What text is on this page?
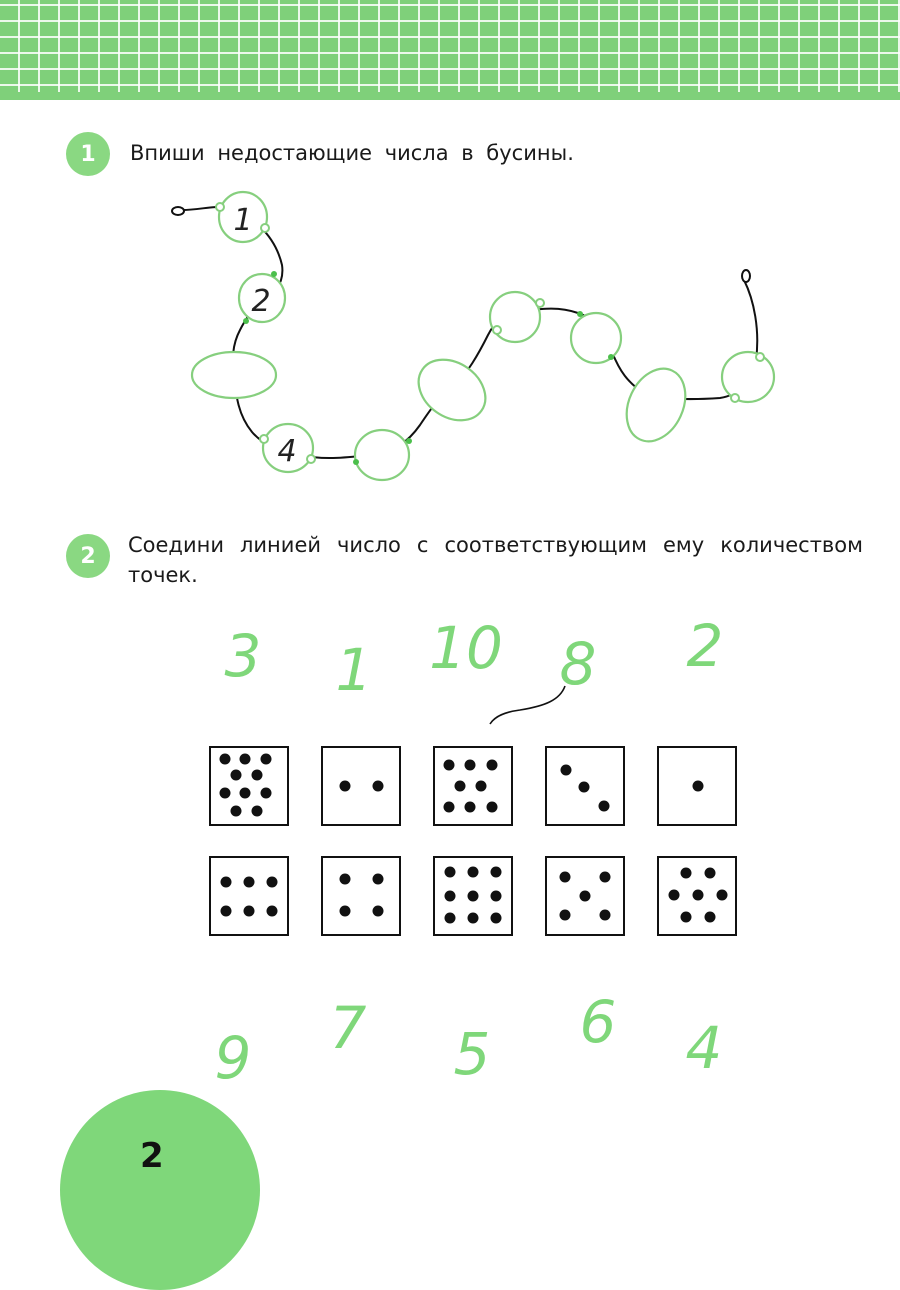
1	Впиши недостающие числа в бусины.
1
2
4
2	Соедини линией число с соответствующим ему количеством
точек.
3 1 10 8 2
9 7 5 6 4
2
